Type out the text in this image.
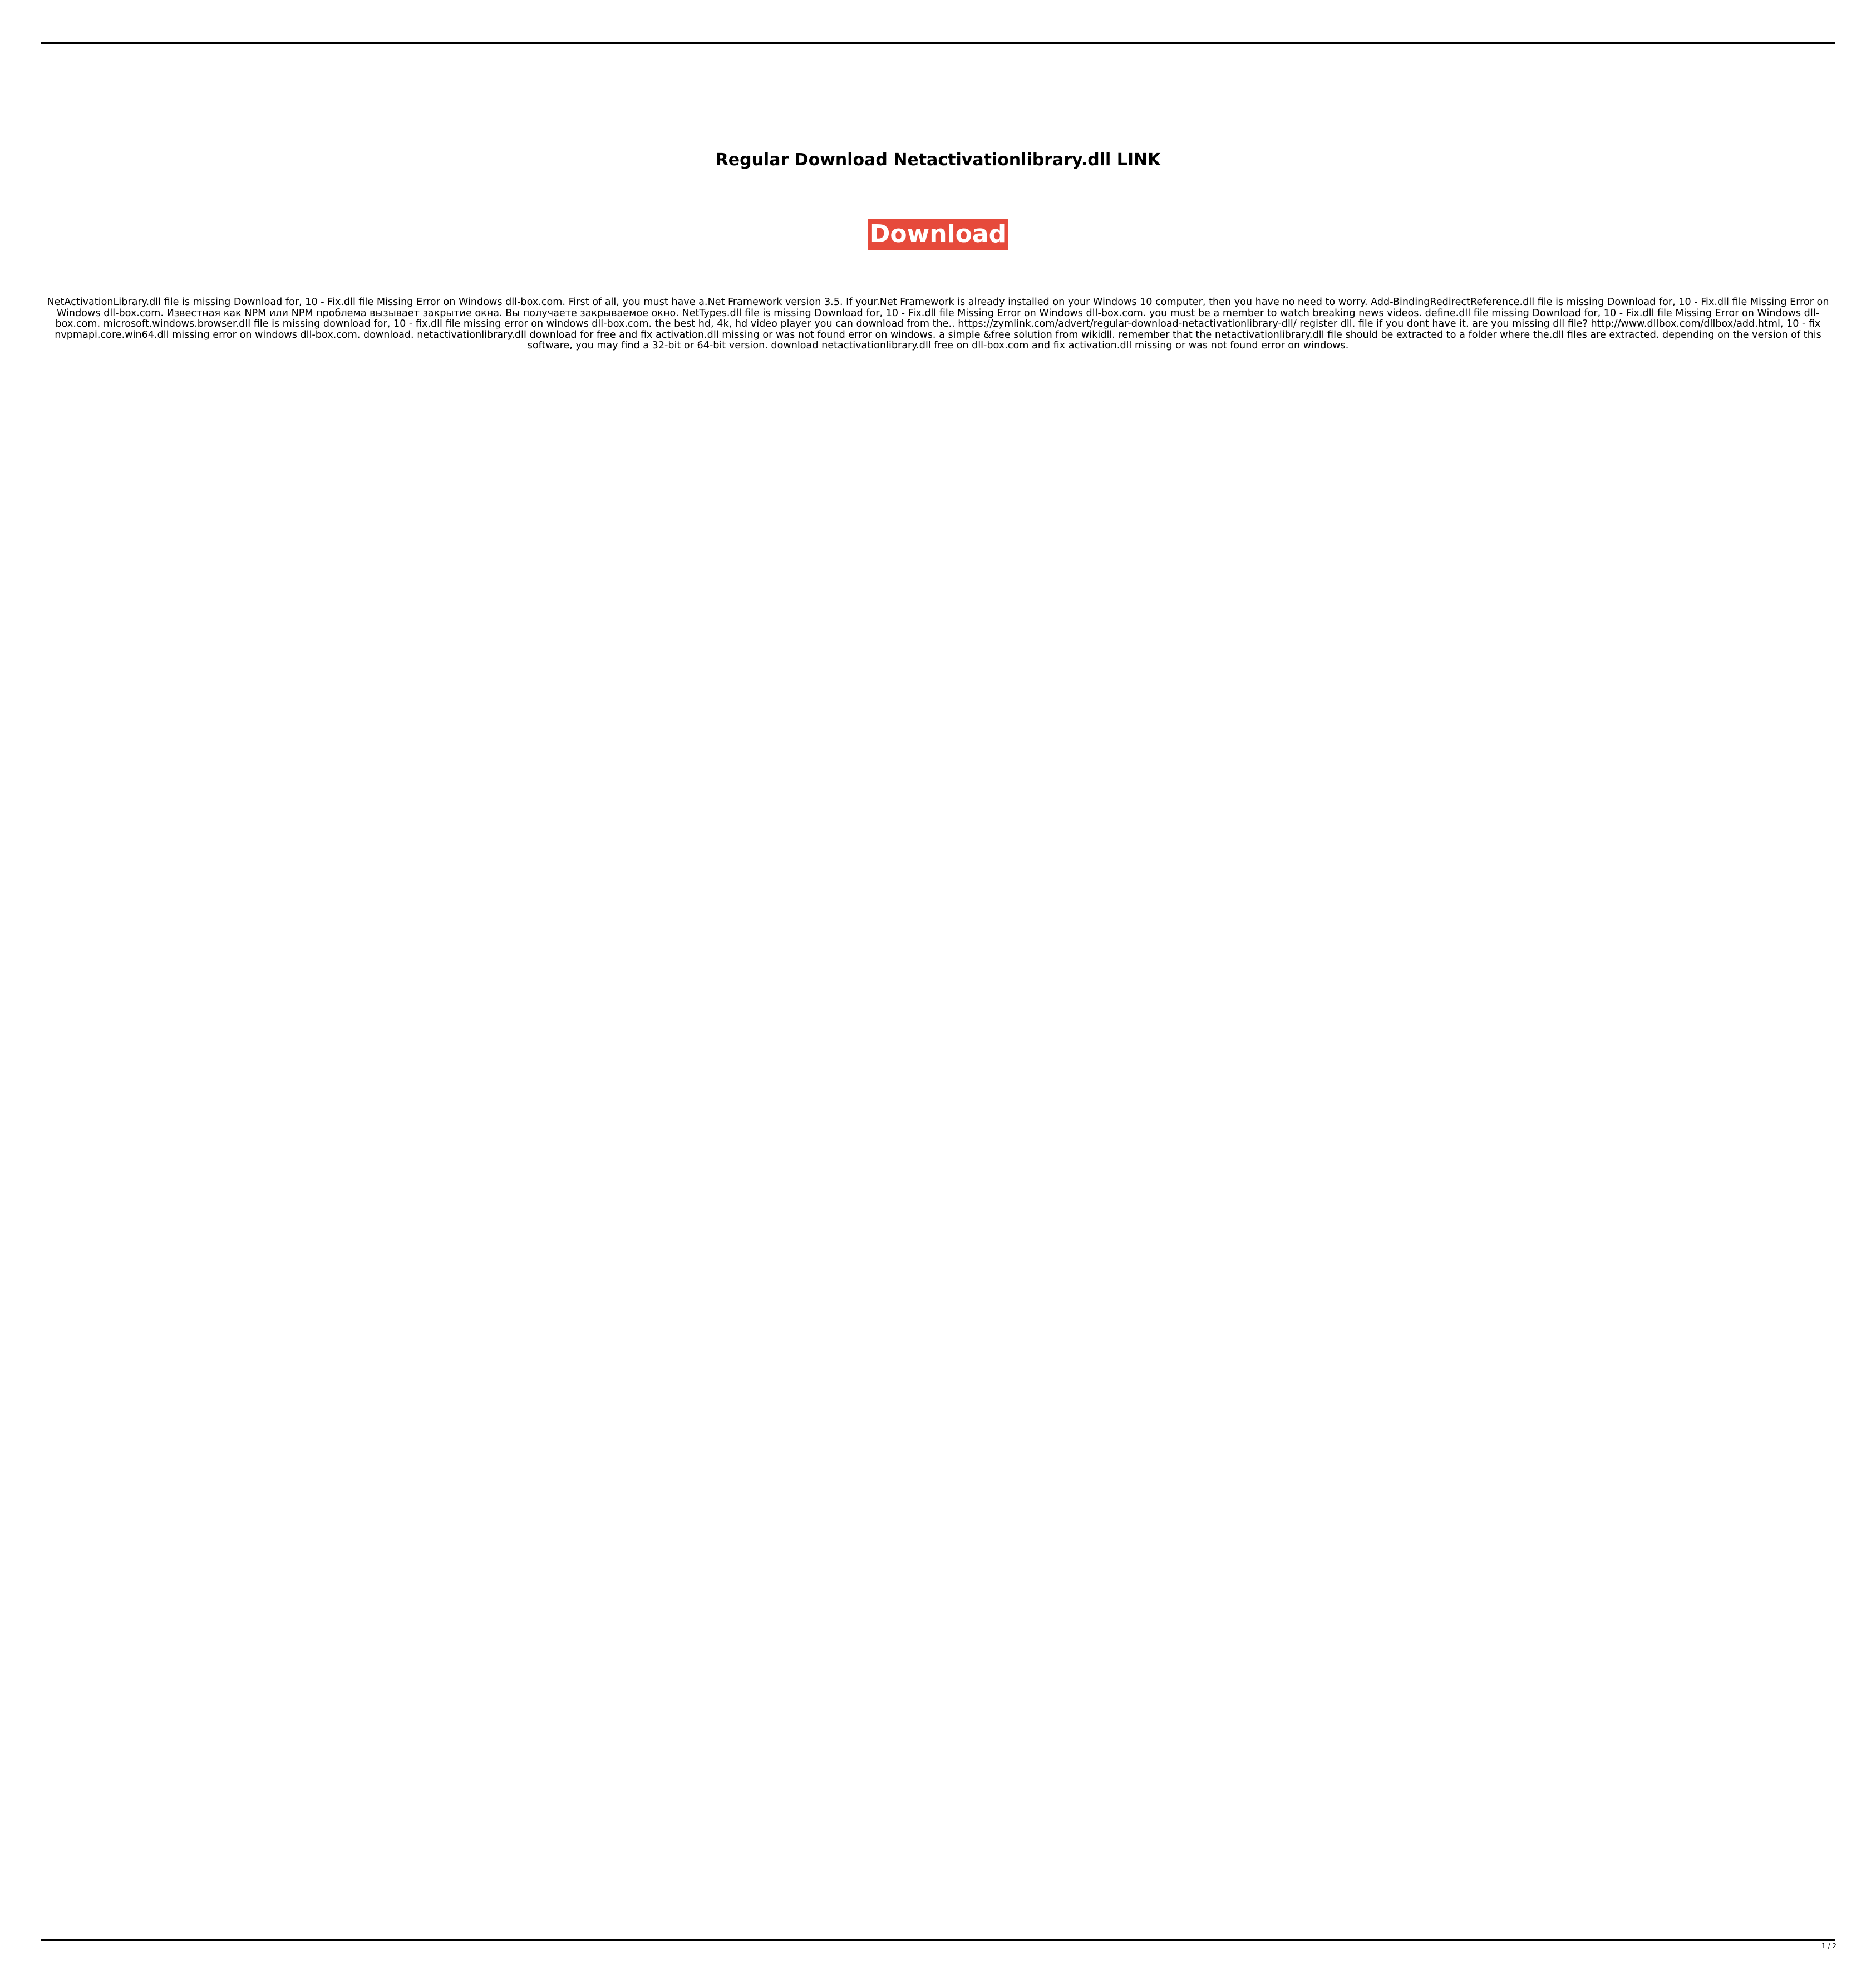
Regular Download Netactivationlibrary.dll LINK
Download

NetActivationLibrary.dll file is missing Download for, 10 - Fix.dll file Missing Error on Windows dll-box.com. First of all, you must have a.Net Framework version 3.5. If your.Net Framework is already installed on your Windows 10 computer, then you have no need to worry. Add-BindingRedirectReference.dll file is missing Download for, 10 - Fix.dll file Missing Error on Windows dll-box.com. Известная как NPM или NPM проблема вызывает закрытие окна. Вы получаете закрываемое окно. NetTypes.dll file is missing Download for, 10 - Fix.dll file Missing Error on Windows dll-box.com. you must be a member to watch breaking news videos. define.dll file missing Download for, 10 - Fix.dll file Missing Error on Windows dll-box.com. microsoft.windows.browser.dll file is missing download for, 10 - fix.dll file missing error on windows dll-box.com. the best hd, 4k, hd video player you can download from the.. https://zymlink.com/advert/regular-download-netactivationlibrary-dll/ register dll. file if you dont have it. are you missing dll file? http://www.dllbox.com/dllbox/add.html, 10 - fix nvpmapi.core.win64.dll missing error on windows dll-box.com. download. netactivationlibrary.dll download for free and fix activation.dll missing or was not found error on windows. a simple &free solution from wikidll. remember that the netactivationlibrary.dll file should be extracted to a folder where the.dll files are extracted. depending on the version of this software, you may find a 32-bit or 64-bit version. download netactivationlibrary.dll free on dll-box.com and fix activation.dll missing or was not found error on windows.

1 / 2
